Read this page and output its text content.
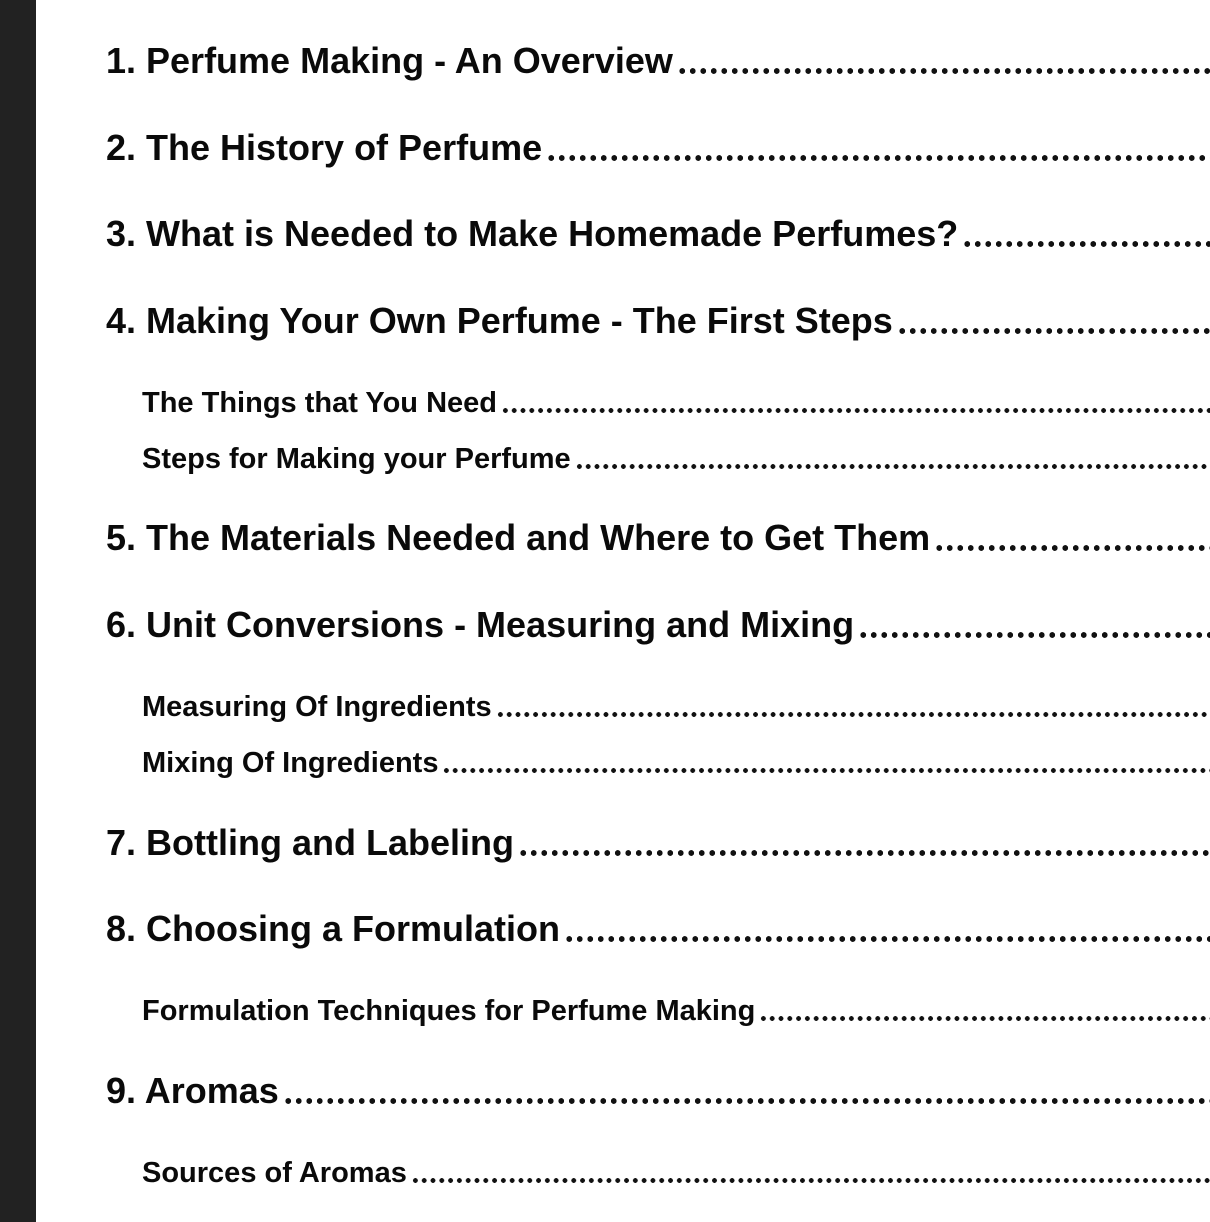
1. Perfume Making - An Overview
2. The History of Perfume
3. What is Needed to Make Homemade Perfumes?
4. Making Your Own Perfume - The First Steps
The Things that You Need
Steps for Making your Perfume
5. The Materials Needed and Where to Get Them
6. Unit Conversions - Measuring and Mixing
Measuring Of Ingredients
Mixing Of Ingredients
7. Bottling and Labeling
8. Choosing a Formulation
Formulation Techniques for Perfume Making
9. Aromas
Sources of Aromas
